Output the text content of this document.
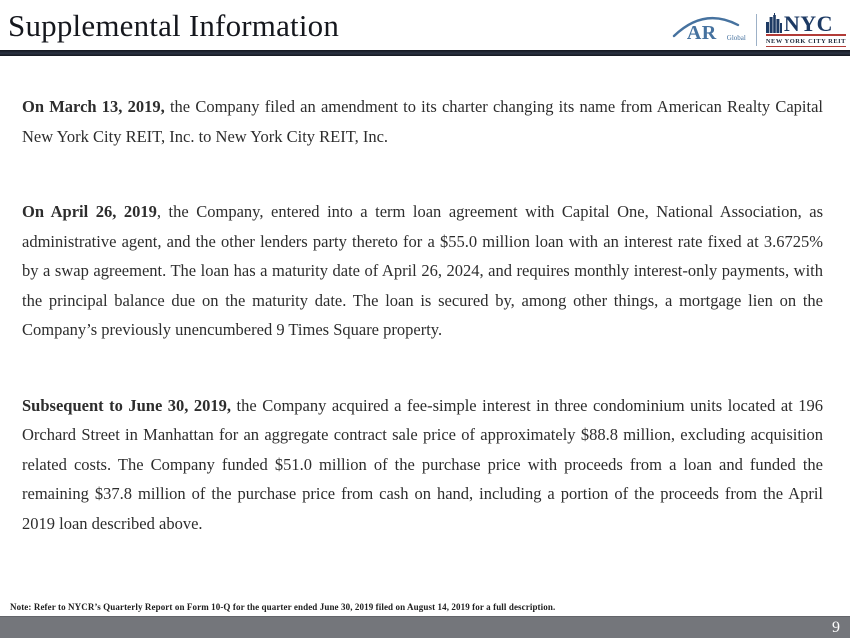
Supplemental Information	AR Global
NYC
NEW YORK CITY REIT

On March 13, 2019, the Company filed an amendment to its charter changing its name from American Realty Capital New York City REIT, Inc. to New York City REIT, Inc.

On April 26, 2019, the Company, entered into a term loan agreement with Capital One, National Association, as administrative agent, and the other lenders party thereto for a $55.0 million loan with an interest rate fixed at 3.6725% by a swap agreement. The loan has a maturity date of April 26, 2024, and requires monthly interest-only payments, with the principal balance due on the maturity date. The loan is secured by, among other things, a mortgage lien on the Company’s previously unencumbered 9 Times Square property.

Subsequent to June 30, 2019, the Company acquired a fee-simple interest in three condominium units located at 196 Orchard Street in Manhattan for an aggregate contract sale price of approximately $88.8 million, excluding acquisition related costs. The Company funded $51.0 million of the purchase price with proceeds from a loan and funded the remaining $37.8 million of the purchase price from cash on hand, including a portion of the proceeds from the April 2019 loan described above.

Note: Refer to NYCR’s Quarterly Report on Form 10-Q for the quarter ended June 30, 2019 filed on August 14, 2019 for a full description.
9
